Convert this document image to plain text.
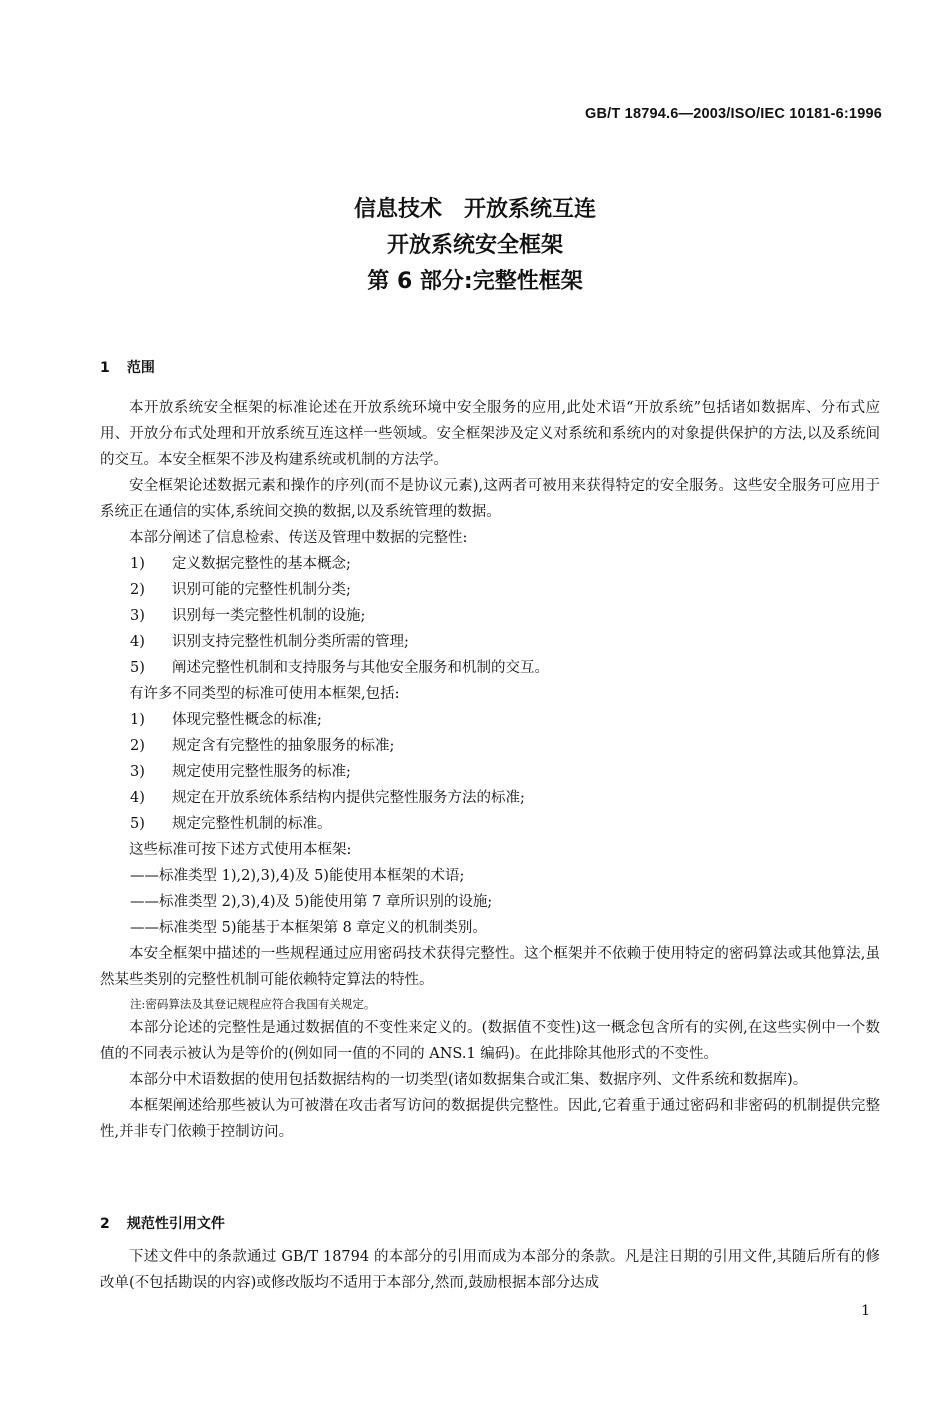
GB/T 18794.6—2003/ISO/IEC 10181-6:1996
信息技术　开放系统互连
开放系统安全框架
第 6 部分:完整性框架
1 范围

本开放系统安全框架的标准论述在开放系统环境中安全服务的应用,此处术语“开放系统”包括诸如数据库、分布式应用、开放分布式处理和开放系统互连这样一些领域。安全框架涉及定义对系统和系统内的对象提供保护的方法,以及系统间的交互。本安全框架不涉及构建系统或机制的方法学。

安全框架论述数据元素和操作的序列(而不是协议元素),这两者可被用来获得特定的安全服务。这些安全服务可应用于系统正在通信的实体,系统间交换的数据,以及系统管理的数据。

本部分阐述了信息检索、传送及管理中数据的完整性:

1) 定义数据完整性的基本概念;

2) 识别可能的完整性机制分类;

3) 识别每一类完整性机制的设施;

4) 识别支持完整性机制分类所需的管理;

5) 阐述完整性机制和支持服务与其他安全服务和机制的交互。

有许多不同类型的标准可使用本框架,包括:

1) 体现完整性概念的标准;

2) 规定含有完整性的抽象服务的标准;

3) 规定使用完整性服务的标准;

4) 规定在开放系统体系结构内提供完整性服务方法的标准;

5) 规定完整性机制的标准。

这些标准可按下述方式使用本框架:

——标准类型 1),2),3),4)及 5)能使用本框架的术语;

——标准类型 2),3),4)及 5)能使用第 7 章所识别的设施;

——标准类型 5)能基于本框架第 8 章定义的机制类别。

本安全框架中描述的一些规程通过应用密码技术获得完整性。这个框架并不依赖于使用特定的密码算法或其他算法,虽然某些类别的完整性机制可能依赖特定算法的特性。

注:密码算法及其登记规程应符合我国有关规定。

本部分论述的完整性是通过数据值的不变性来定义的。(数据值不变性)这一概念包含所有的实例,在这些实例中一个数值的不同表示被认为是等价的(例如同一值的不同的 ANS.1 编码)。在此排除其他形式的不变性。

本部分中术语数据的使用包括数据结构的一切类型(诸如数据集合或汇集、数据序列、文件系统和数据库)。

本框架阐述给那些被认为可被潜在攻击者写访问的数据提供完整性。因此,它着重于通过密码和非密码的机制提供完整性,并非专门依赖于控制访问。

2 规范性引用文件

下述文件中的条款通过 GB/T 18794 的本部分的引用而成为本部分的条款。凡是注日期的引用文件,其随后所有的修改单(不包括勘误的内容)或修改版均不适用于本部分,然而,鼓励根据本部分达成

1
